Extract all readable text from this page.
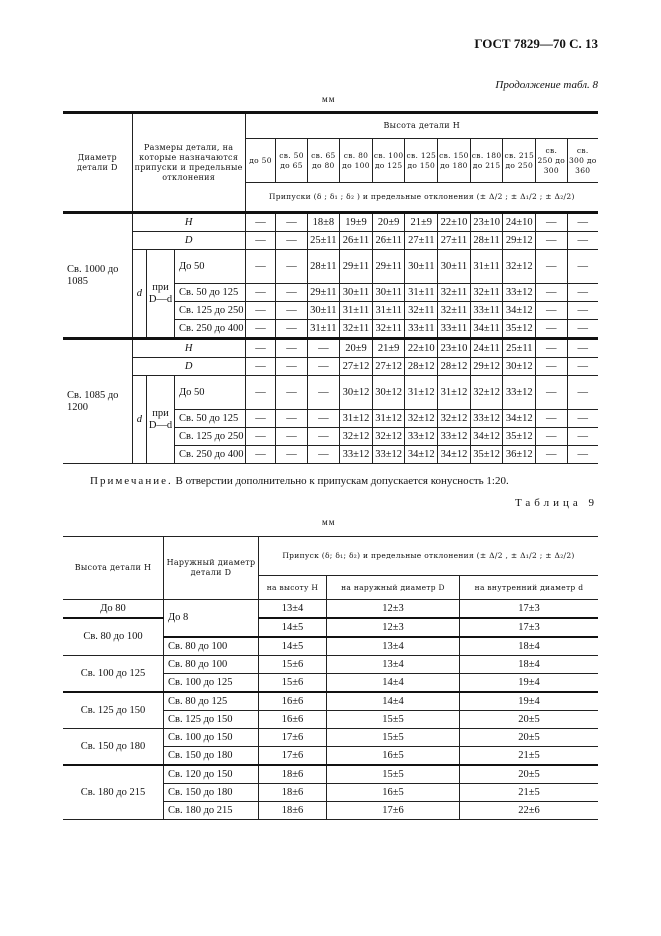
ГОСТ 7829—70 С. 13
Продолжение табл. 8
мм
Диаметр детали D	Размеры детали, на которые назначаются припуски и предельные отклонения			Высота детали H										
				до 50	св. 50 до 65	св. 65 до 80	св. 80 до 100	св. 100 до 125	св. 125 до 150	св. 150 до 180	св. 180 до 215	св. 215 до 250	св. 250 до 300	св. 300 до 360
				Припуски (δ ; δ₁ ; δ₂ ) и предельные отклонения (± Δ/2 ; ± Δ₁/2 ; ± Δ₂/2)										
Св. 1000 до 1085	H			—	—	18±8	19±9	20±9	21±9	22±10	23±10	24±10	—	—
	D			—	—	25±11	26±11	26±11	27±11	27±11	28±11	29±12	—	—
	d	при D—d	До 50	—	—	28±11	29±11	29±11	30±11	30±11	31±11	32±12	—	—
			Св. 50 до 125	—	—	29±11	30±11	30±11	31±11	32±11	32±11	33±12	—	—
			Св. 125 до 250	—	—	30±11	31±11	31±11	32±11	32±11	33±11	34±12	—	—
			Св. 250 до 400	—	—	31±11	32±11	32±11	33±11	33±11	34±11	35±12	—	—
Св. 1085 до 1200	H			—	—	—	20±9	21±9	22±10	23±10	24±11	25±11	—	—
	D			—	—	—	27±12	27±12	28±12	28±12	29±12	30±12	—	—
	d	при D—d	До 50	—	—	—	30±12	30±12	31±12	31±12	32±12	33±12	—	—
			Св. 50 до 125	—	—	—	31±12	31±12	32±12	32±12	33±12	34±12	—	—
			Св. 125 до 250	—	—	—	32±12	32±12	33±12	33±12	34±12	35±12	—	—
			Св. 250 до 400	—	—	—	33±12	33±12	34±12	34±12	35±12	36±12	—	—
Примечание. В отверстии дополнительно к припускам допускается конусность 1:20.
Таблица 9
мм
Высота детали H	Наружный диаметр детали D	Припуск (δ; δ₁; δ₂) и предельные отклонения (± Δ/2 , ± Δ₁/2 ; ± Δ₂/2)		
		на высоту H	на наружный диаметр D	на внутренний диаметр d
До 80	До 8	13±4	12±3	17±3
Св. 80 до 100		14±5	12±3	17±3
	Св. 80 до 100	14±5	13±4	18±4
Св. 100 до 125	Св. 80 до 100	15±6	13±4	18±4
	Св. 100 до 125	15±6	14±4	19±4
Св. 125 до 150	Св. 80 до 125	16±6	14±4	19±4
	Св. 125 до 150	16±6	15±5	20±5
Св. 150 до 180	Св. 100 до 150	17±6	15±5	20±5
	Св. 150 до 180	17±6	16±5	21±5
Св. 180 до 215	Св. 120 до 150	18±6	15±5	20±5
	Св. 150 до 180	18±6	16±5	21±5
	Св. 180 до 215	18±6	17±6	22±6
